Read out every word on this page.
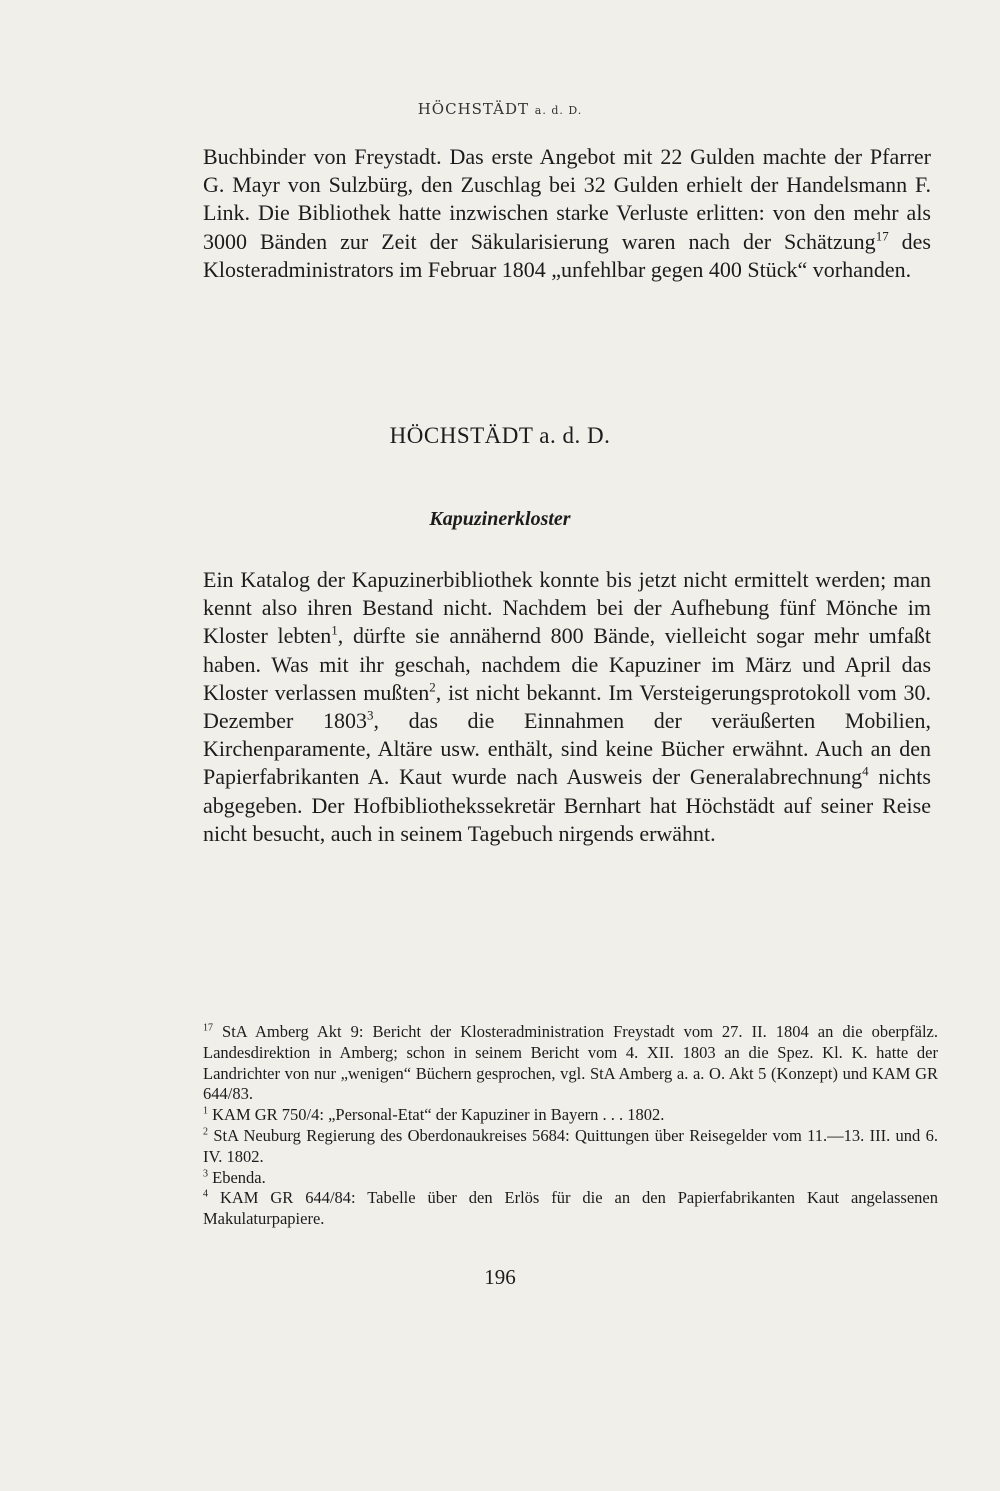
HÖCHSTÄDT a. d. D.

Buchbinder von Freystadt. Das erste Angebot mit 22 Gulden machte der Pfarrer G. Mayr von Sulzbürg, den Zuschlag bei 32 Gulden erhielt der Handelsmann F. Link. Die Bibliothek hatte inzwischen starke Verluste erlitten: von den mehr als 3000 Bänden zur Zeit der Säkularisierung waren nach der Schätzung$^{17}$ des Klosteradministrators im Februar 1804 „unfehlbar gegen 400 Stück“ vorhanden.

HÖCHSTÄDT a. d. D.
Kapuzinerkloster

Ein Katalog der Kapuzinerbibliothek konnte bis jetzt nicht ermittelt werden; man kennt also ihren Bestand nicht. Nachdem bei der Aufhebung fünf Mönche im Kloster lebten$^1$, dürfte sie annähernd 800 Bände, vielleicht sogar mehr umfaßt haben. Was mit ihr geschah, nachdem die Kapuziner im März und April das Kloster verlassen mußten$^2$, ist nicht bekannt. Im Versteigerungsprotokoll vom 30. Dezember 1803$^3$, das die Einnahmen der veräußerten Mobilien, Kirchenparamente, Altäre usw. enthält, sind keine Bücher erwähnt. Auch an den Papierfabrikanten A. Kaut wurde nach Ausweis der Generalabrechnung$^4$ nichts abgegeben. Der Hofbibliothekssekretär Bernhart hat Höchstädt auf seiner Reise nicht besucht, auch in seinem Tagebuch nirgends erwähnt.

$^{17}$ StA Amberg Akt 9: Bericht der Klosteradministration Freystadt vom 27. II. 1804 an die oberpfälz. Landesdirektion in Amberg; schon in seinem Bericht vom 4. XII. 1803 an die Spez. Kl. K. hatte der Landrichter von nur „wenigen“ Büchern gesprochen, vgl. StA Amberg a. a. O. Akt 5 (Konzept) und KAM GR 644/83.

$^1$ KAM GR 750/4: „Personal-Etat“ der Kapuziner in Bayern . . . 1802.

$^2$ StA Neuburg Regierung des Oberdonaukreises 5684: Quittungen über Reisegelder vom 11.—13. III. und 6. IV. 1802.

$^3$ Ebenda.

$^4$ KAM GR 644/84: Tabelle über den Erlös für die an den Papierfabrikanten Kaut angelassenen Makulaturpapiere.

196
